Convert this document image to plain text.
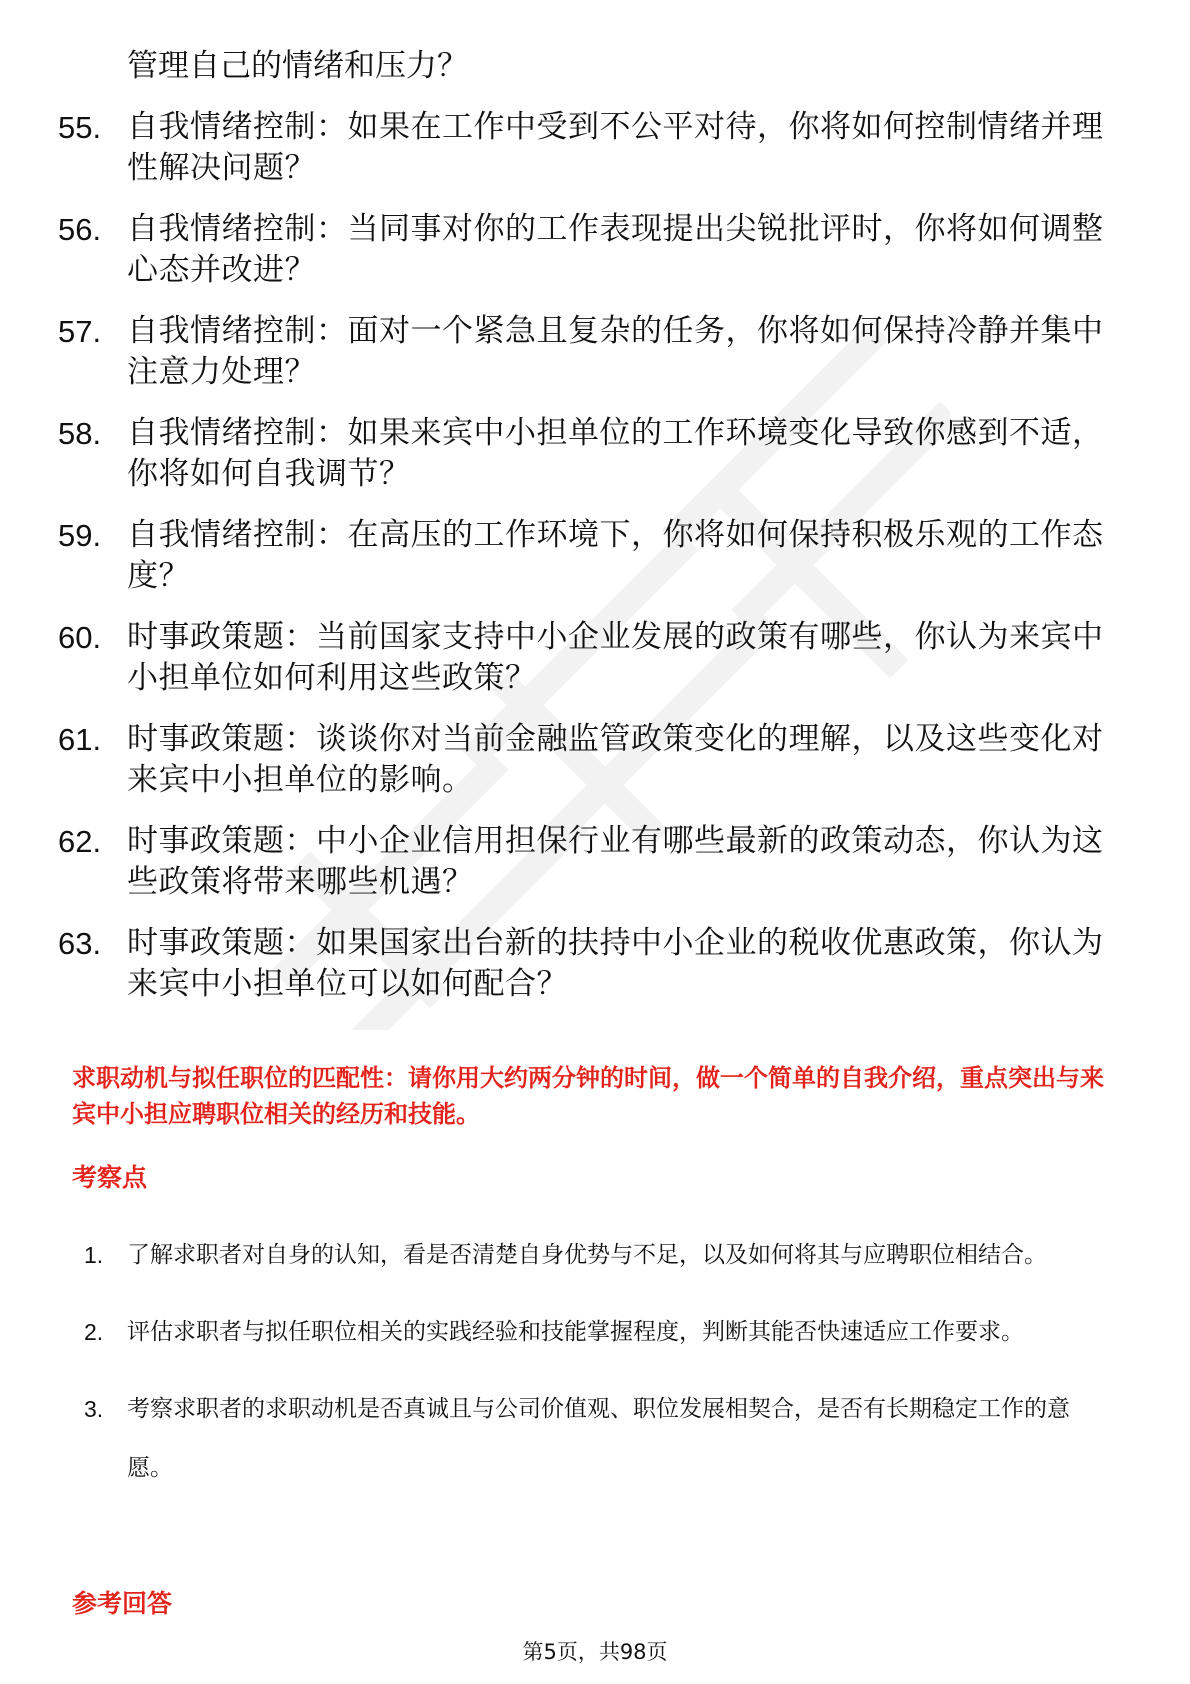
管理自己的情绪和压力？
55. 自我情绪控制：如果在工作中受到不公平对待，你将如何控制情绪并理性解决问题？
56. 自我情绪控制：当同事对你的工作表现提出尖锐批评时，你将如何调整心态并改进？
57. 自我情绪控制：面对一个紧急且复杂的任务，你将如何保持冷静并集中注意力处理？
58. 自我情绪控制：如果来宾中小担单位的工作环境变化导致你感到不适，你将如何自我调节？
59. 自我情绪控制：在高压的工作环境下，你将如何保持积极乐观的工作态度？
60. 时事政策题：当前国家支持中小企业发展的政策有哪些，你认为来宾中小担单位如何利用这些政策？
61. 时事政策题：谈谈你对当前金融监管政策变化的理解，以及这些变化对来宾中小担单位的影响。
62. 时事政策题：中小企业信用担保行业有哪些最新的政策动态，你认为这些政策将带来哪些机遇？
63. 时事政策题：如果国家出台新的扶持中小企业的税收优惠政策，你认为来宾中小担单位可以如何配合？
求职动机与拟任职位的匹配性：请你用大约两分钟的时间，做一个简单的自我介绍，重点突出与来宾中小担应聘职位相关的经历和技能。
考察点
1. 了解求职者对自身的认知，看是否清楚自身优势与不足，以及如何将其与应聘职位相结合。
2. 评估求职者与拟任职位相关的实践经验和技能掌握程度，判断其能否快速适应工作要求。
3. 考察求职者的求职动机是否真诚且与公司价值观、职位发展相契合，是否有长期稳定工作的意愿。
参考回答
第5页，共98页
